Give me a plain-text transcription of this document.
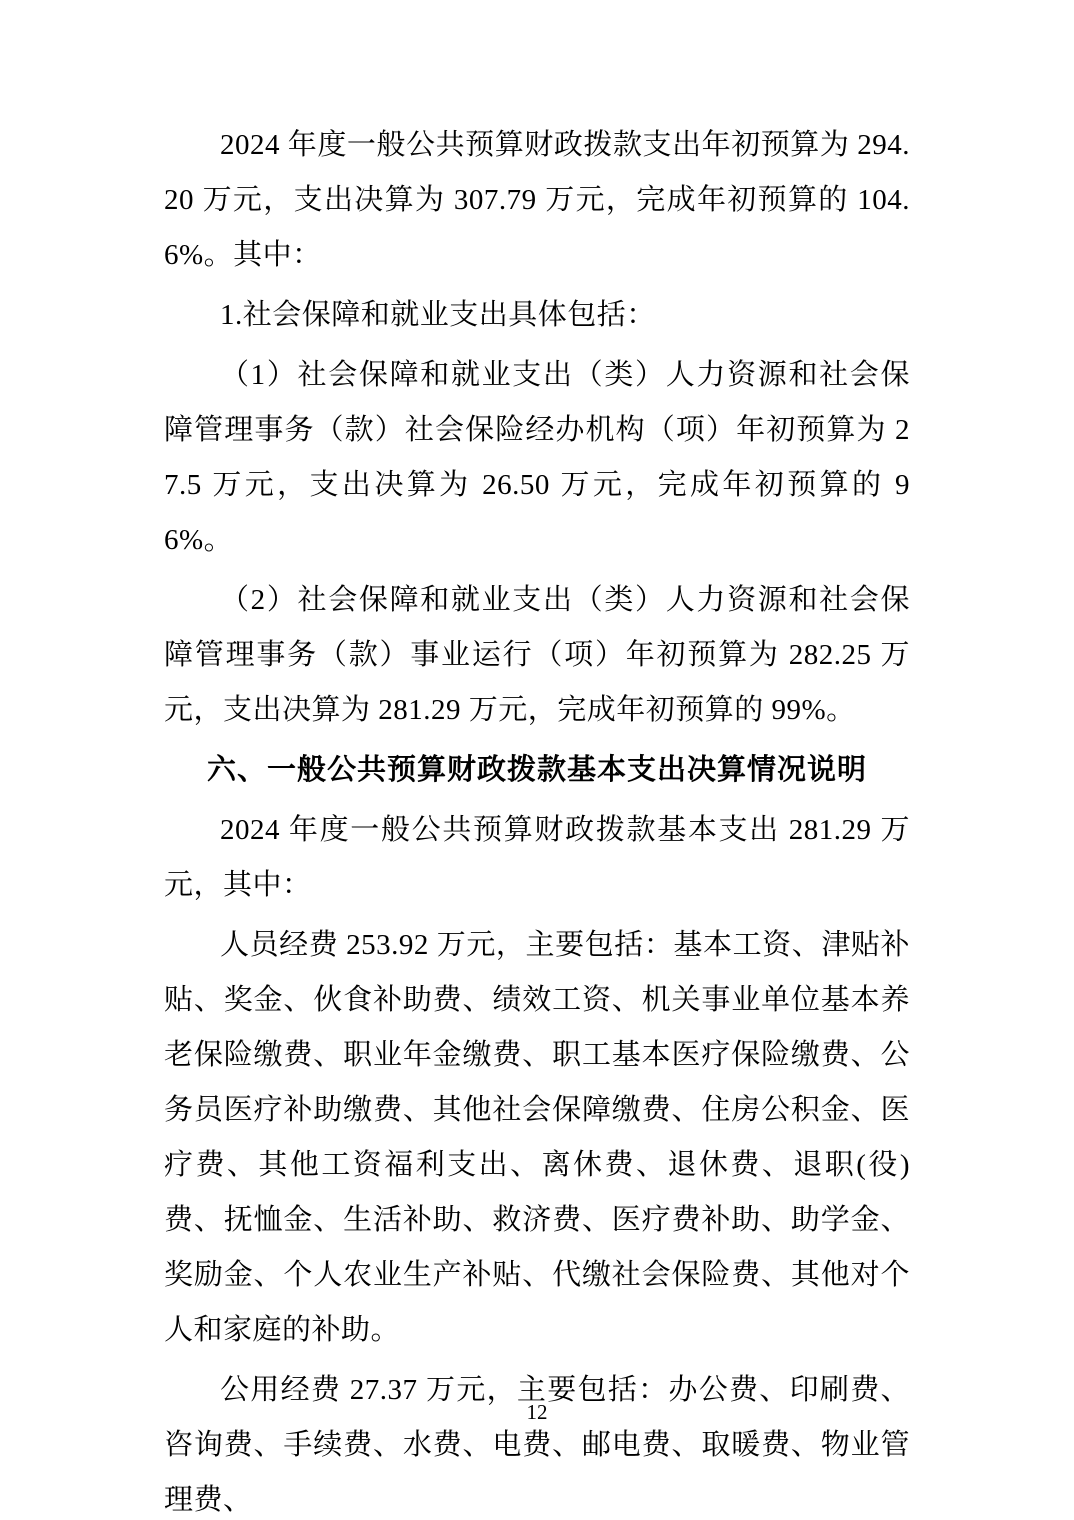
2024 年度一般公共预算财政拨款支出年初预算为 294.20 万元，支出决算为 307.79 万元，完成年初预算的 104.6%。其中：

1.社会保障和就业支出具体包括：

（1）社会保障和就业支出（类）人力资源和社会保障管理事务（款）社会保险经办机构（项）年初预算为 27.5 万元，支出决算为 26.50 万元，完成年初预算的 96%。

（2）社会保障和就业支出（类）人力资源和社会保障管理事务（款）事业运行（项）年初预算为 282.25 万元，支出决算为 281.29 万元，完成年初预算的 99%。

六、一般公共预算财政拨款基本支出决算情况说明

2024 年度一般公共预算财政拨款基本支出 281.29 万元，其中：

人员经费 253.92 万元，主要包括：基本工资、津贴补贴、奖金、伙食补助费、绩效工资、机关事业单位基本养老保险缴费、职业年金缴费、职工基本医疗保险缴费、公务员医疗补助缴费、其他社会保障缴费、住房公积金、医疗费、其他工资福利支出、离休费、退休费、退职(役)费、抚恤金、生活补助、救济费、医疗费补助、助学金、奖励金、个人农业生产补贴、代缴社会保险费、其他对个人和家庭的补助。

公用经费 27.37 万元，主要包括：办公费、印刷费、咨询费、手续费、水费、电费、邮电费、取暖费、物业管理费、

12
